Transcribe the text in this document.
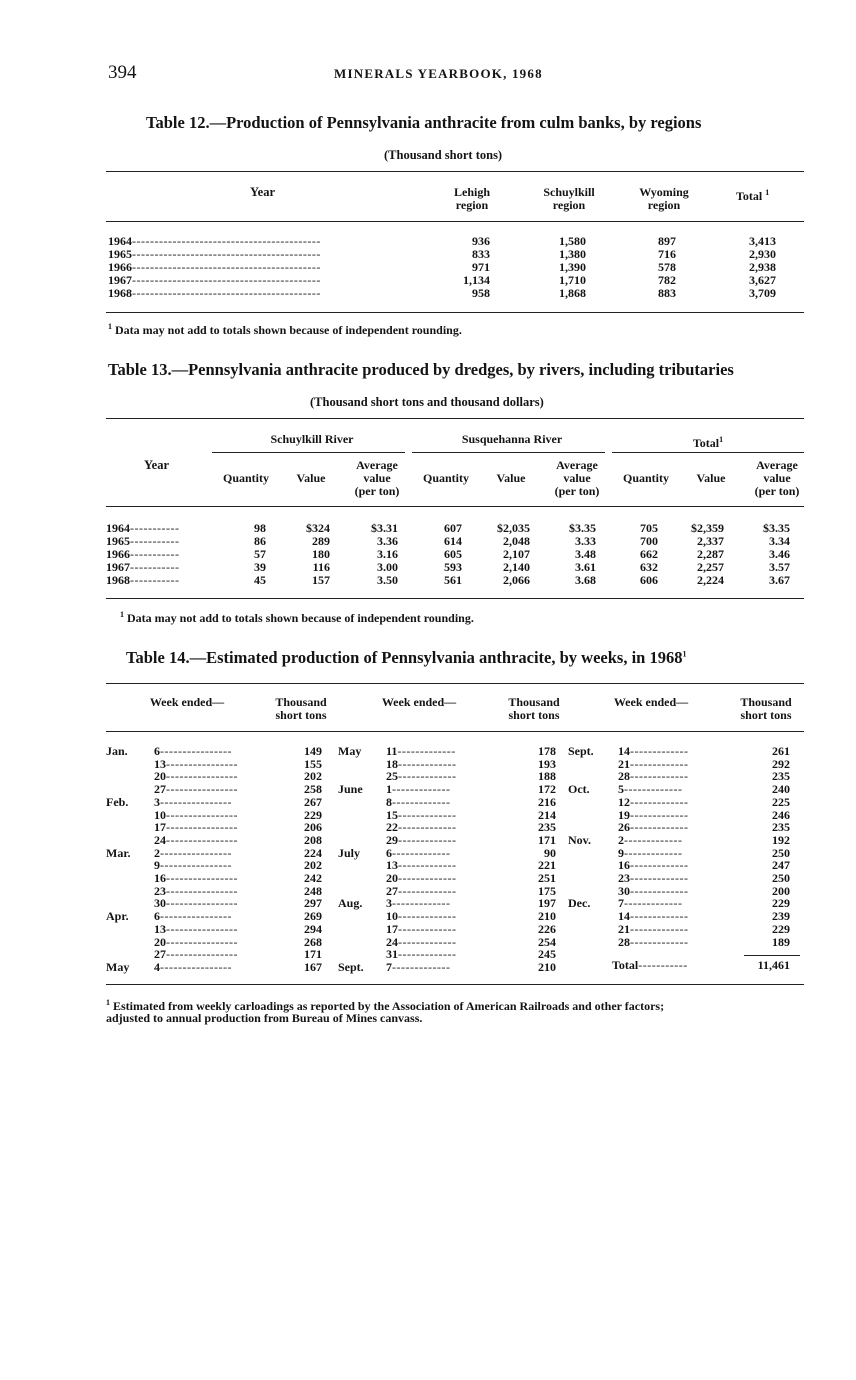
394	MINERALS YEARBOOK, 1968
Table 12.—Production of Pennsylvania anthracite from culm banks, by regions
(Thousand short tons)
Year	Lehigh
region
Schuylkill
region
Wyoming
region
Total $^1$
1964------------------------------------------	936	1,580	897	3,413
1965------------------------------------------	833	1,380	716	2,930
1966------------------------------------------	971	1,390	578	2,938
1967------------------------------------------	1,134	1,710	782	3,627
1968------------------------------------------	958	1,868	883	3,709
$^1$ Data may not add to totals shown because of independent rounding.
Table 13.—Pennsylvania anthracite produced by dredges, by rivers, including tributaries
(Thousand short tons and thousand dollars)
Year
Schuylkill River	Susquehanna River	Total$^1$
Quantity	Value
Average
value
(per ton)
Quantity	Value
Average
value
(per ton)
Quantity	Value
Average
value
(per ton)
1964-----------	98	$324	$3.31	607	$2,035	$3.35	705	$2,359	$3.35
1965-----------	86	289	3.36	614	2,048	3.33	700	2,337	3.34
1966-----------	57	180	3.16	605	2,107	3.48	662	2,287	3.46
1967-----------	39	116	3.00	593	2,140	3.61	632	2,257	3.57
1968-----------	45	157	3.50	561	2,066	3.68	606	2,224	3.67
$^1$ Data may not add to totals shown because of independent rounding.
Table 14.—Estimated production of Pennsylvania anthracite, by weeks, in 1968$^1$
Week ended—	Thousand
short tons
Week ended—	Thousand
short tons
Week ended—	Thousand
short tons
Jan. 6----------------	149
13----------------	155
20----------------	202
27----------------	258
Feb. 3----------------	267
10----------------	229
17----------------	206
24----------------	208
Mar. 2----------------	224
9----------------	202
16----------------	242
23----------------	248
30----------------	297
Apr. 6----------------	269
13----------------	294
20----------------	268
27----------------	171
May 4----------------	167
May 11-------------	178
18-------------	193
25-------------	188
June 1-------------	172
8-------------	216
15-------------	214
22-------------	235
29-------------	171
July 6-------------	90
13-------------	221
20-------------	251
27-------------	175
Aug. 3-------------	197
10-------------	210
17-------------	226
24-------------	254
31-------------	245
Sept. 7-------------	210
Sept. 14-------------	261
21-------------	292
28-------------	235
Oct. 5-------------	240
12-------------	225
19-------------	246
26-------------	235
Nov. 2-------------	192
9-------------	250
16-------------	247
23-------------	250
30-------------	200
Dec. 7-------------	229
14-------------	239
21-------------	229
28-------------	189
Total-----------	11,461
$^1$ Estimated from weekly carloadings as reported by the Association of American Railroads and other factors;
adjusted to annual production from Bureau of Mines canvass.
